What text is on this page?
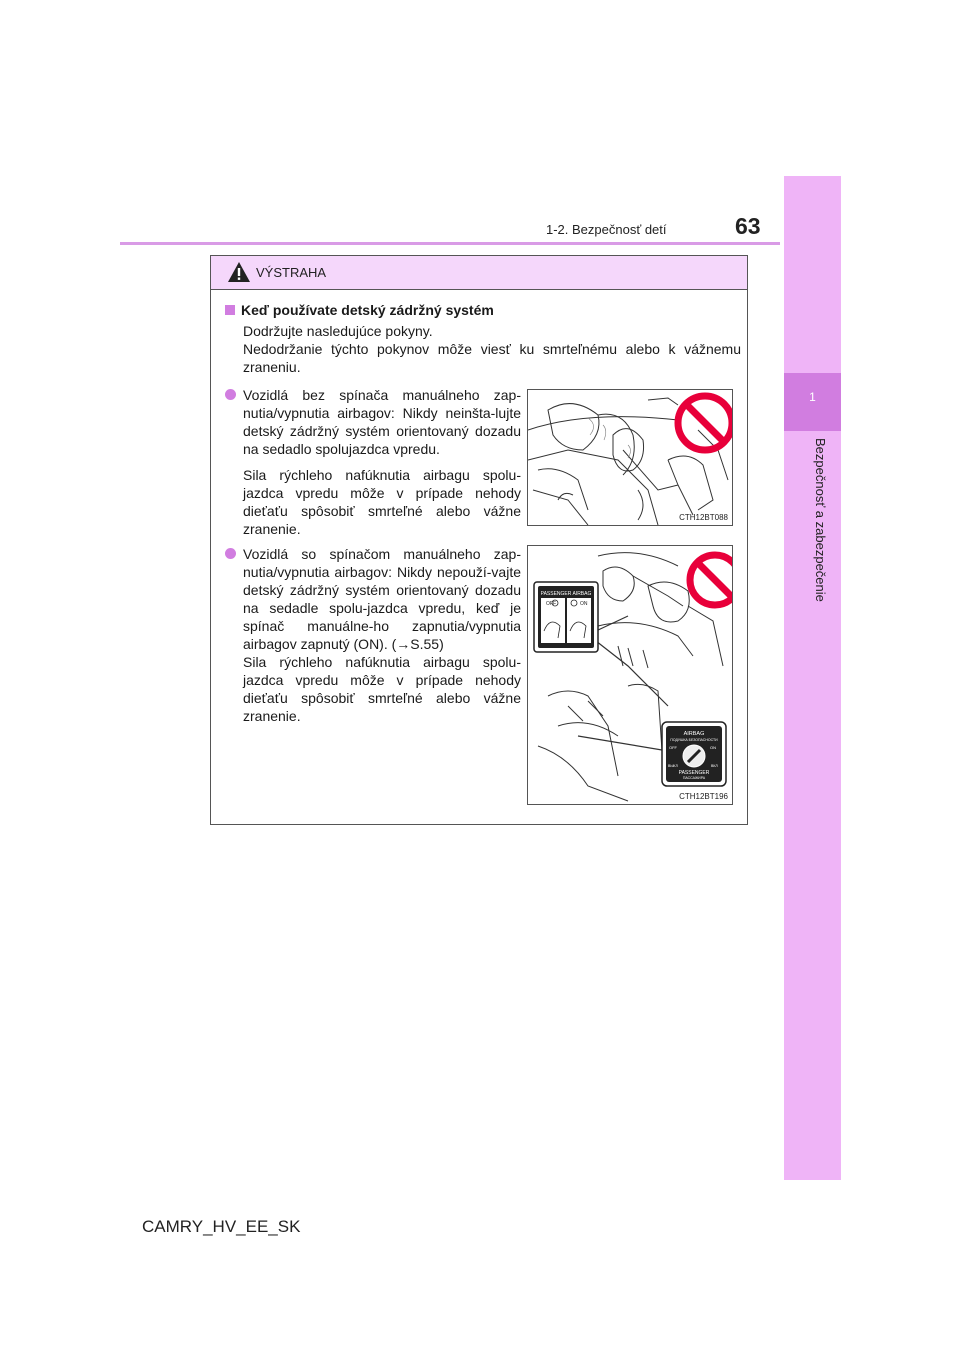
1-2. Bezpečnosť detí	63
1
Bezpečnosť a zabezpečenie
VÝSTRAHA
Keď používate detský zádržný systém

Dodržujte nasledujúce pokyny.

Nedodržanie týchto pokynov môže viesť ku smrteľnému alebo k vážnemu zraneniu.

Vozidlá bez spínača manuálneho zap-nutia/vypnutia airbagov: Nikdy neinšta-lujte detský zádržný systém orientovaný dozadu na sedadlo spolujazdca vpredu.

Sila rýchleho nafúknutia airbagu spolu-jazdca vpredu môže v prípade nehody dieťaťu spôsobiť smrteľné alebo vážne zranenie.

CTH12BT088

Vozidlá so spínačom manuálneho zap-nutia/vypnutia airbagov: Nikdy nepouží-vajte detský zádržný systém orientovaný dozadu na sedadle spolu-jazdca vpredu, keď je spínač manuálne-ho zapnutia/vypnutia airbagov zapnutý (ON). (→S.55)

Sila rýchleho nafúknutia airbagu spolu-jazdca vpredu môže v prípade nehody dieťaťu spôsobiť smrteľné alebo vážne zranenie.

PASSENGER AIRBAG
OFF	ON
AIRBAG
ПОДУШКА БЕЗОПАСНОСТИ
OFF	ON
ВЫКЛ	ВКЛ
PASSENGER
ПАССАЖИРА
CTH12BT196
CAMRY_HV_EE_SK
